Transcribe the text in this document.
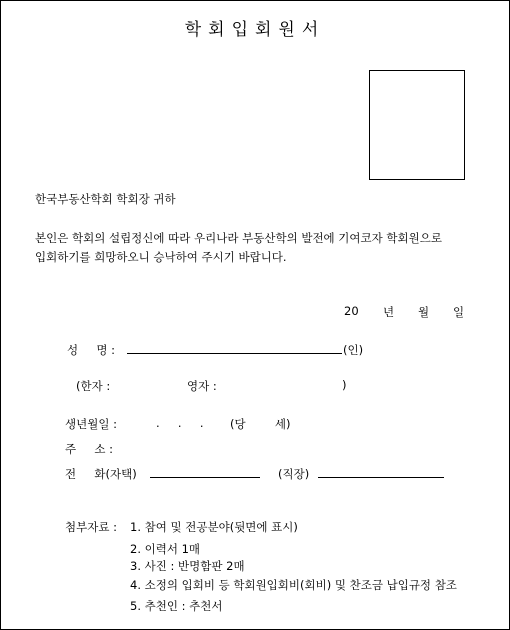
학회입회원서
한국부동산학회 학회장 귀하
본인은 학회의 설립정신에 따라 우리나라 부동산학의 발전에 기여코자 학회원으로
입회하기를 희망하오니 승낙하여 주시기 바랍니다.
20 년 월 일
성     명 :	(인)
(한자 :	영자 :	)
생년월일 :	.     .     . (당        세)
주     소 :
전     화(자택)	(직장)
첨부자료 : 1. 참여 및 전공분야(뒷면에 표시)
2. 이력서 1매
3. 사진 : 반명함판 2매
4. 소정의 입회비 등 학회원입회비(회비) 및 찬조금 납입규정 참조
5. 추천인 : 추천서
